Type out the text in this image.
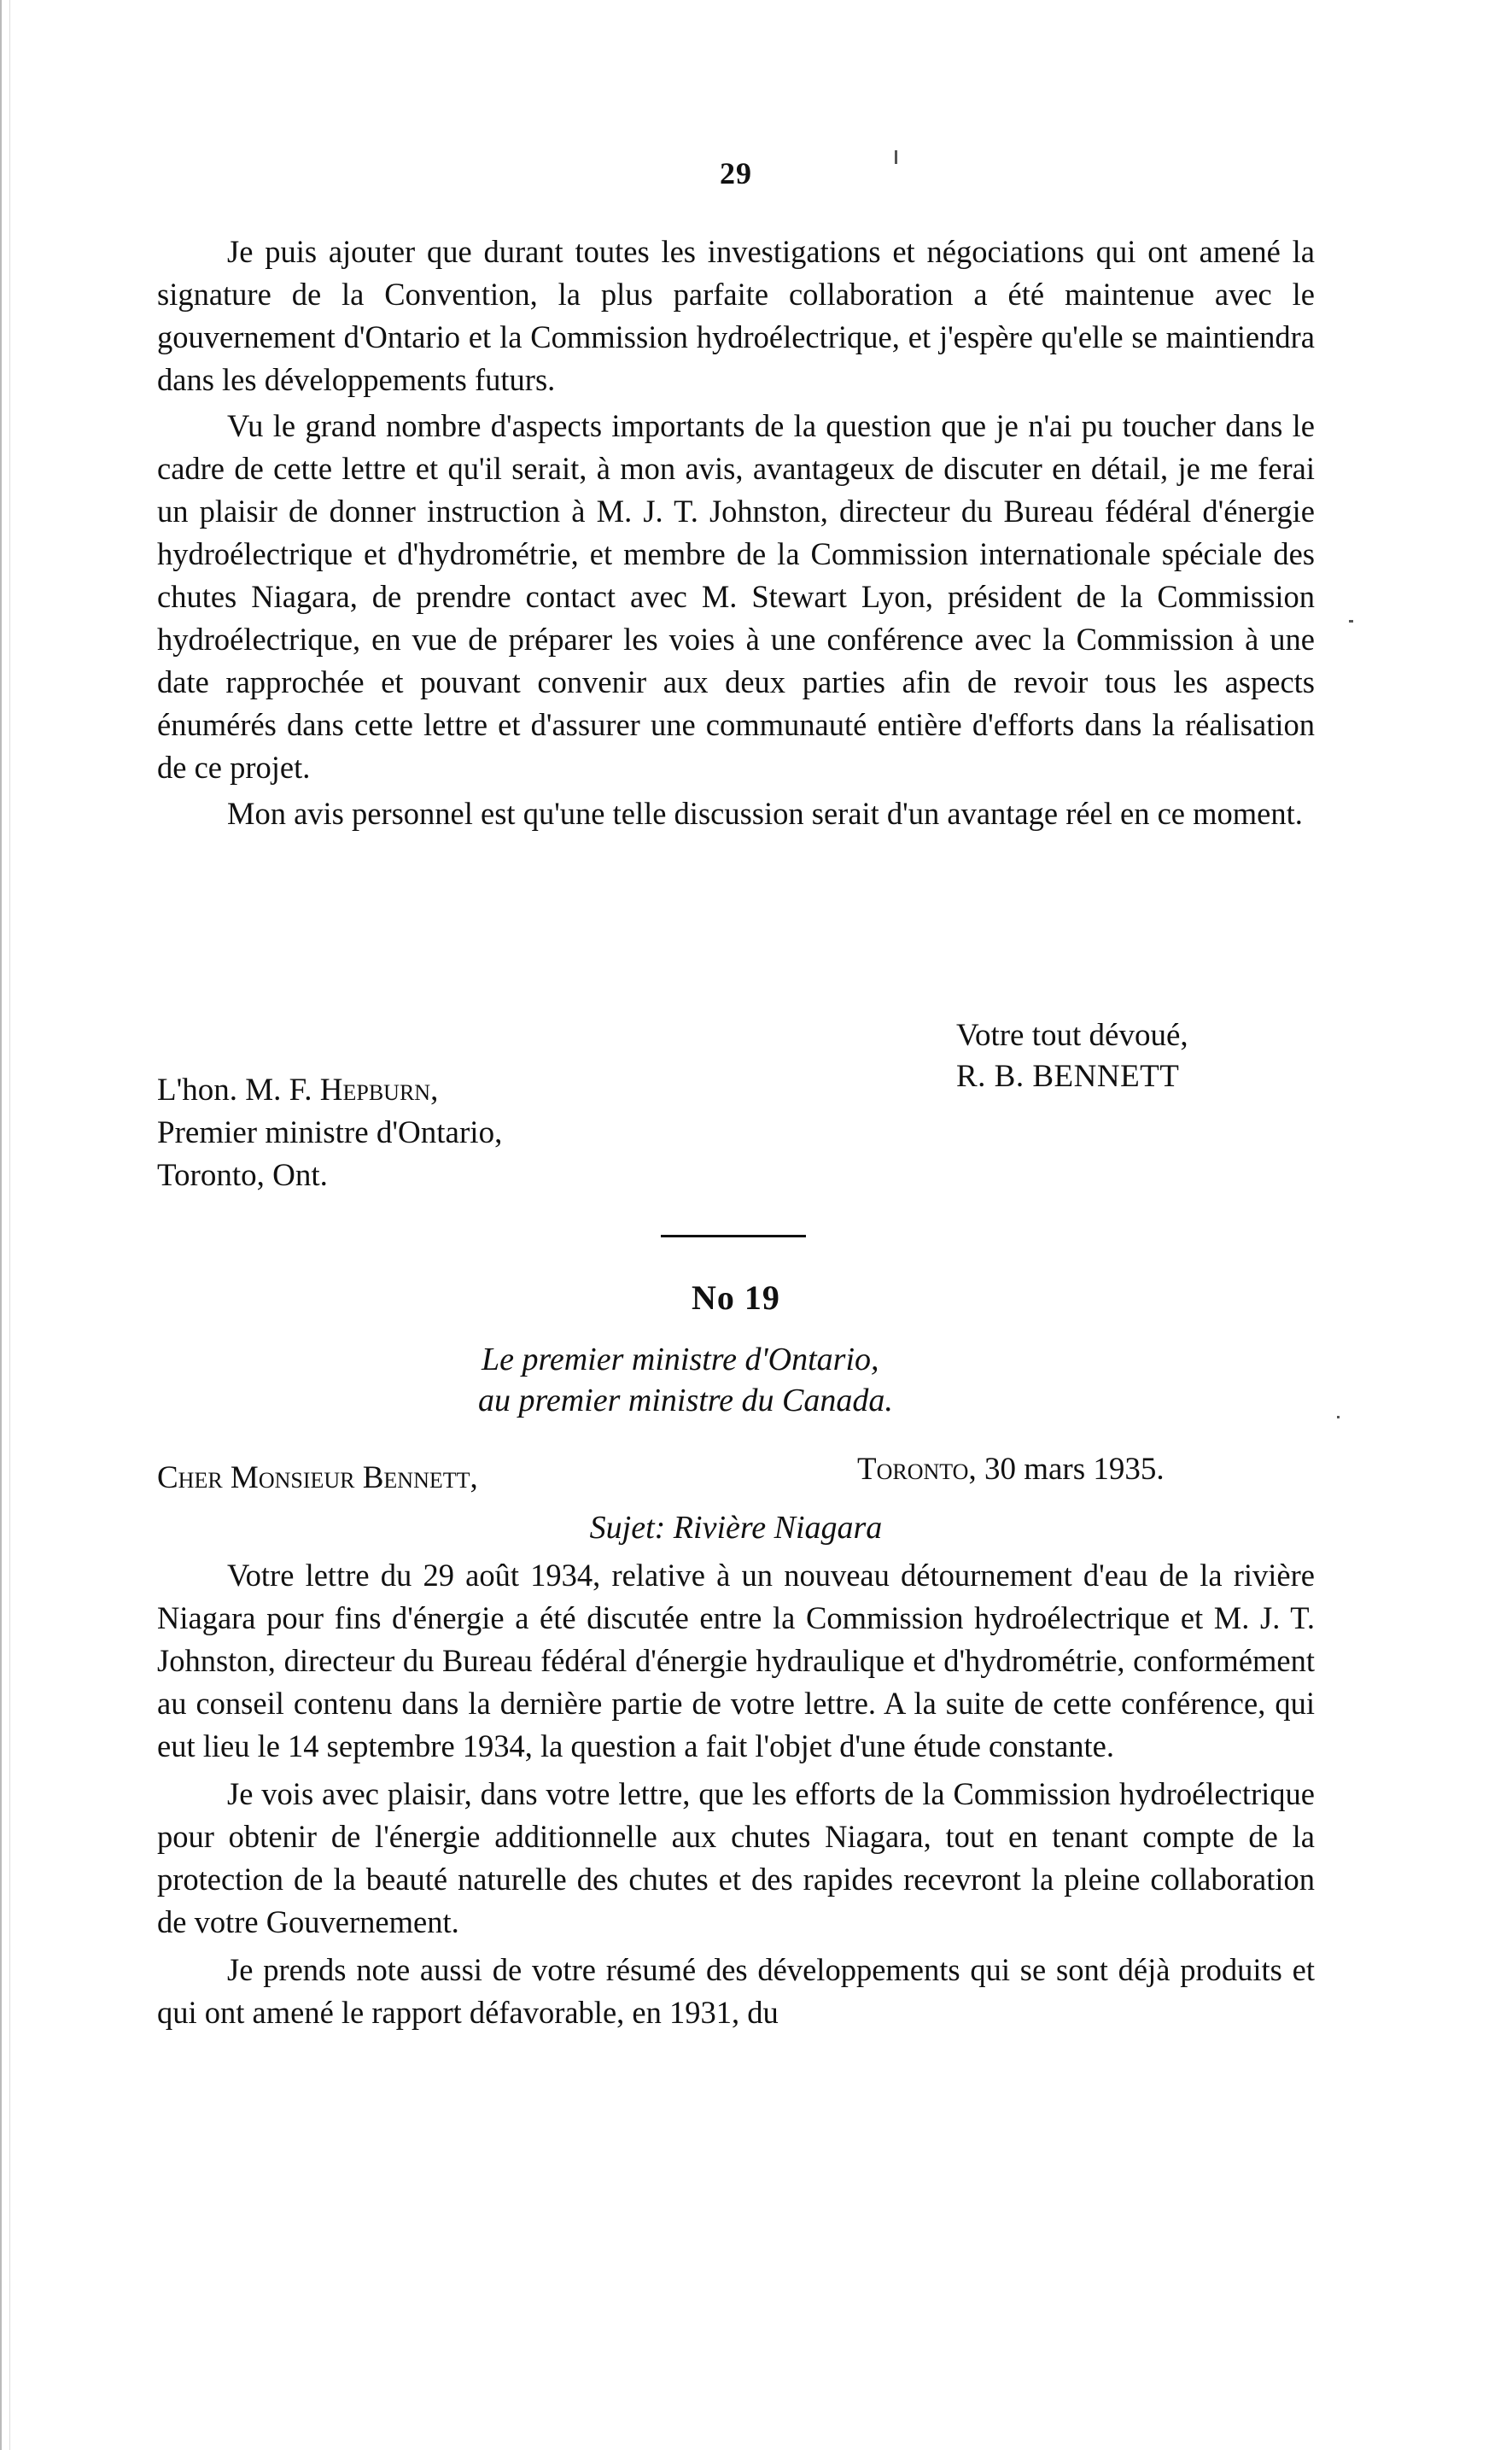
29

Je puis ajouter que durant toutes les investigations et négociations qui ont amené la signature de la Convention, la plus parfaite collaboration a été maintenue avec le gouvernement d'Ontario et la Commission hydroélectrique, et j'espère qu'elle se maintiendra dans les développements futurs.

Vu le grand nombre d'aspects importants de la question que je n'ai pu toucher dans le cadre de cette lettre et qu'il serait, à mon avis, avantageux de discuter en détail, je me ferai un plaisir de donner instruction à M. J. T. Johnston, directeur du Bureau fédéral d'énergie hydroélectrique et d'hydrométrie, et membre de la Commission internationale spéciale des chutes Niagara, de prendre contact avec M. Stewart Lyon, président de la Commission hydroélectrique, en vue de préparer les voies à une conférence avec la Commission à une date rapprochée et pouvant convenir aux deux parties afin de revoir tous les aspects énumérés dans cette lettre et d'assurer une communauté entière d'efforts dans la réalisation de ce projet.

Mon avis personnel est qu'une telle discussion serait d'un avantage réel en ce moment.

Votre tout dévoué,
R. B. BENNETT
L'hon. M. F. Hepburn,
Premier ministre d'Ontario,
Toronto, Ont.
No 19
Le premier ministre d'Ontario,
au premier ministre du Canada.
Toronto, 30 mars 1935.
Cher Monsieur Bennett,
Sujet: Rivière Niagara

Votre lettre du 29 août 1934, relative à un nouveau détournement d'eau de la rivière Niagara pour fins d'énergie a été discutée entre la Commission hydroélectrique et M. J. T. Johnston, directeur du Bureau fédéral d'énergie hydraulique et d'hydrométrie, conformément au conseil contenu dans la dernière partie de votre lettre. A la suite de cette conférence, qui eut lieu le 14 septembre 1934, la question a fait l'objet d'une étude constante.

Je vois avec plaisir, dans votre lettre, que les efforts de la Commission hydroélectrique pour obtenir de l'énergie additionnelle aux chutes Niagara, tout en tenant compte de la protection de la beauté naturelle des chutes et des rapides recevront la pleine collaboration de votre Gouvernement.

Je prends note aussi de votre résumé des développements qui se sont déjà produits et qui ont amené le rapport défavorable, en 1931, du
